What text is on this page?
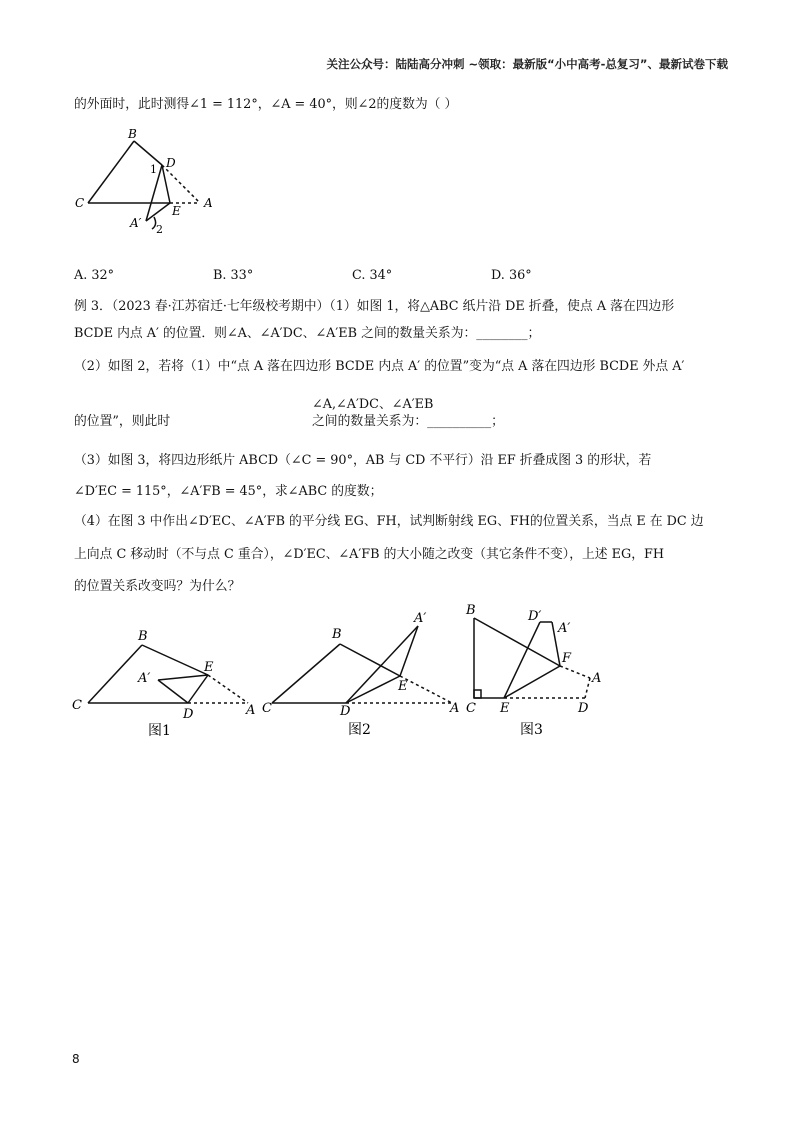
关注公众号：陆陆高分冲刺 ~领取：最新版“小中高考-总复习”、最新试卷下载
的外面时，此时测得∠1 = 112°，∠A = 40°，则∠2的度数为（ ）
B
D
1
C
E
A
A′ 2
A. 32°	B. 33°	C. 34°	D. 36°
例 3．（2023 春·江苏宿迁·七年级校考期中）（1）如图 1，将△ABC 纸片沿 DE 折叠，使点 A 落在四边形
BCDE 内点 A′ 的位置．则∠A、∠A′DC、∠A′EB 之间的数量关系为：________；
（2）如图 2，若将（1）中“点 A 落在四边形 BCDE 内点 A′ 的位置”变为“点 A 落在四边形 BCDE 外点 A′
∠A,∠A′DC、∠A′EB
的位置”，则此时	之间的数量关系为：__________；
（3）如图 3，将四边形纸片 ABCD（∠C = 90°，AB 与 CD 不平行）沿 EF 折叠成图 3 的形状，若
∠D′EC = 115°，∠A′FB = 45°，求∠ABC 的度数；
（4）在图 3 中作出∠D′EC、∠A′FB 的平分线 EG、FH，试判断射线 EG、FH的位置关系，当点 E 在 DC 边
上向点 C 移动时（不与点 C 重合），∠D′EC、∠A′FB 的大小随之改变（其它条件不变），上述 EG，FH
的位置关系改变吗？为什么？
B
A′
E
C
D	A
图1
B
A′
E
C	D	A
图2
B	D′
A′
F
A
C E	D
图3
8
